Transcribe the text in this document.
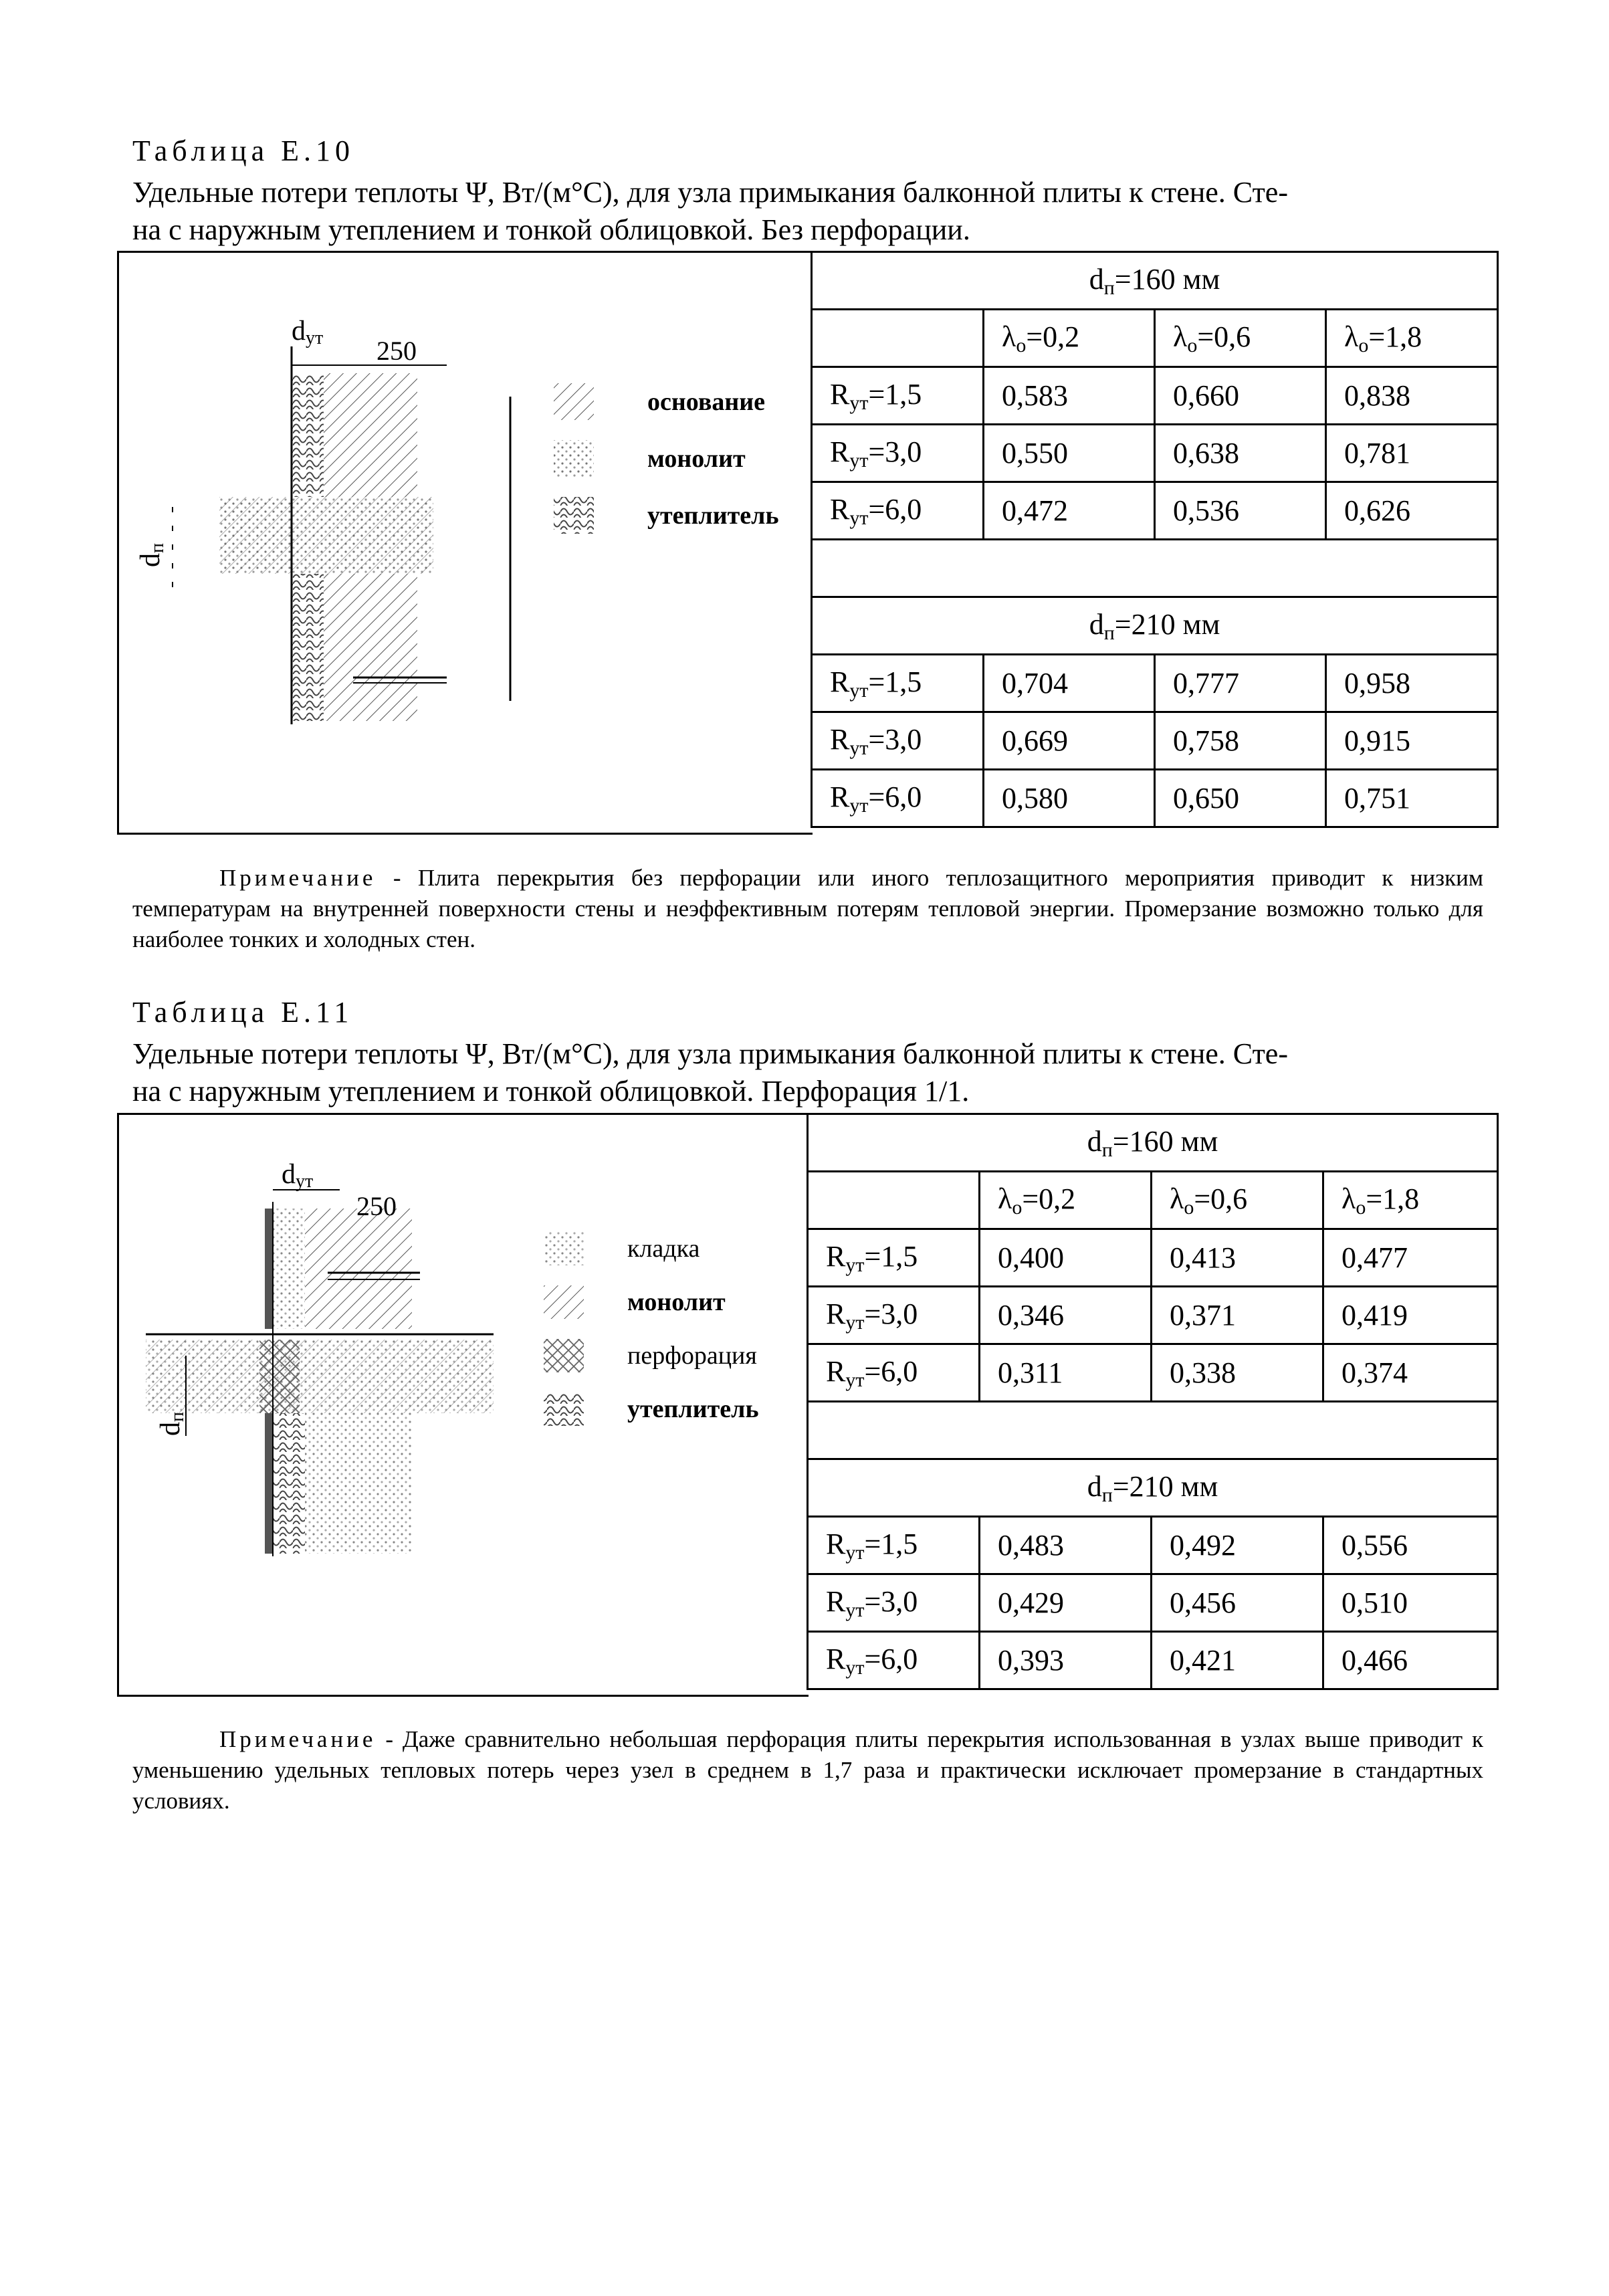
Таблица Е.10
Удельные потери теплоты Ψ, Вт/(м°С), для узла примыкания балконной плиты к стене. Сте-
на с наружным утеплением и тонкой облицовкой. Без перфорации.
dут 250
dп
основание
монолит
утеплитель
$d_п=160$ мм			
	$\lambda_о=0,2$	$\lambda_о=0,6$	$\lambda_о=1,8$
$R_{ут}=1,5$	0,583	0,660	0,838
$R_{ут}=3,0$	0,550	0,638	0,781
$R_{ут}=6,0$	0,472	0,536	0,626

$d_п=210$ мм			
$R_{ут}=1,5$	0,704	0,777	0,958
$R_{ут}=3,0$	0,669	0,758	0,915
$R_{ут}=6,0$	0,580	0,650	0,751
Примечание - Плита перекрытия без перфорации или иного теплозащитного мероприятия приводит к низким температурам на внутренней поверхности стены и неэффективным потерям тепловой энергии. Промерзание возможно только для наиболее тонких и холодных стен.
Таблица Е.11
Удельные потери теплоты Ψ, Вт/(м°С), для узла примыкания балконной плиты к стене. Сте-
на с наружным утеплением и тонкой облицовкой. Перфорация 1/1.
dут
250
dп
кладка
монолит
перфорация
утеплитель
$d_п=160$ мм			
	$\lambda_о=0,2$	$\lambda_о=0,6$	$\lambda_о=1,8$
$R_{ут}=1,5$	0,400	0,413	0,477
$R_{ут}=3,0$	0,346	0,371	0,419
$R_{ут}=6,0$	0,311	0,338	0,374

$d_п=210$ мм			
$R_{ут}=1,5$	0,483	0,492	0,556
$R_{ут}=3,0$	0,429	0,456	0,510
$R_{ут}=6,0$	0,393	0,421	0,466
Примечание - Даже сравнительно небольшая перфорация плиты перекрытия использованная в узлах выше приводит к уменьшению удельных тепловых потерь через узел в среднем в 1,7 раза и практически исключает промерзание в стандартных условиях.
